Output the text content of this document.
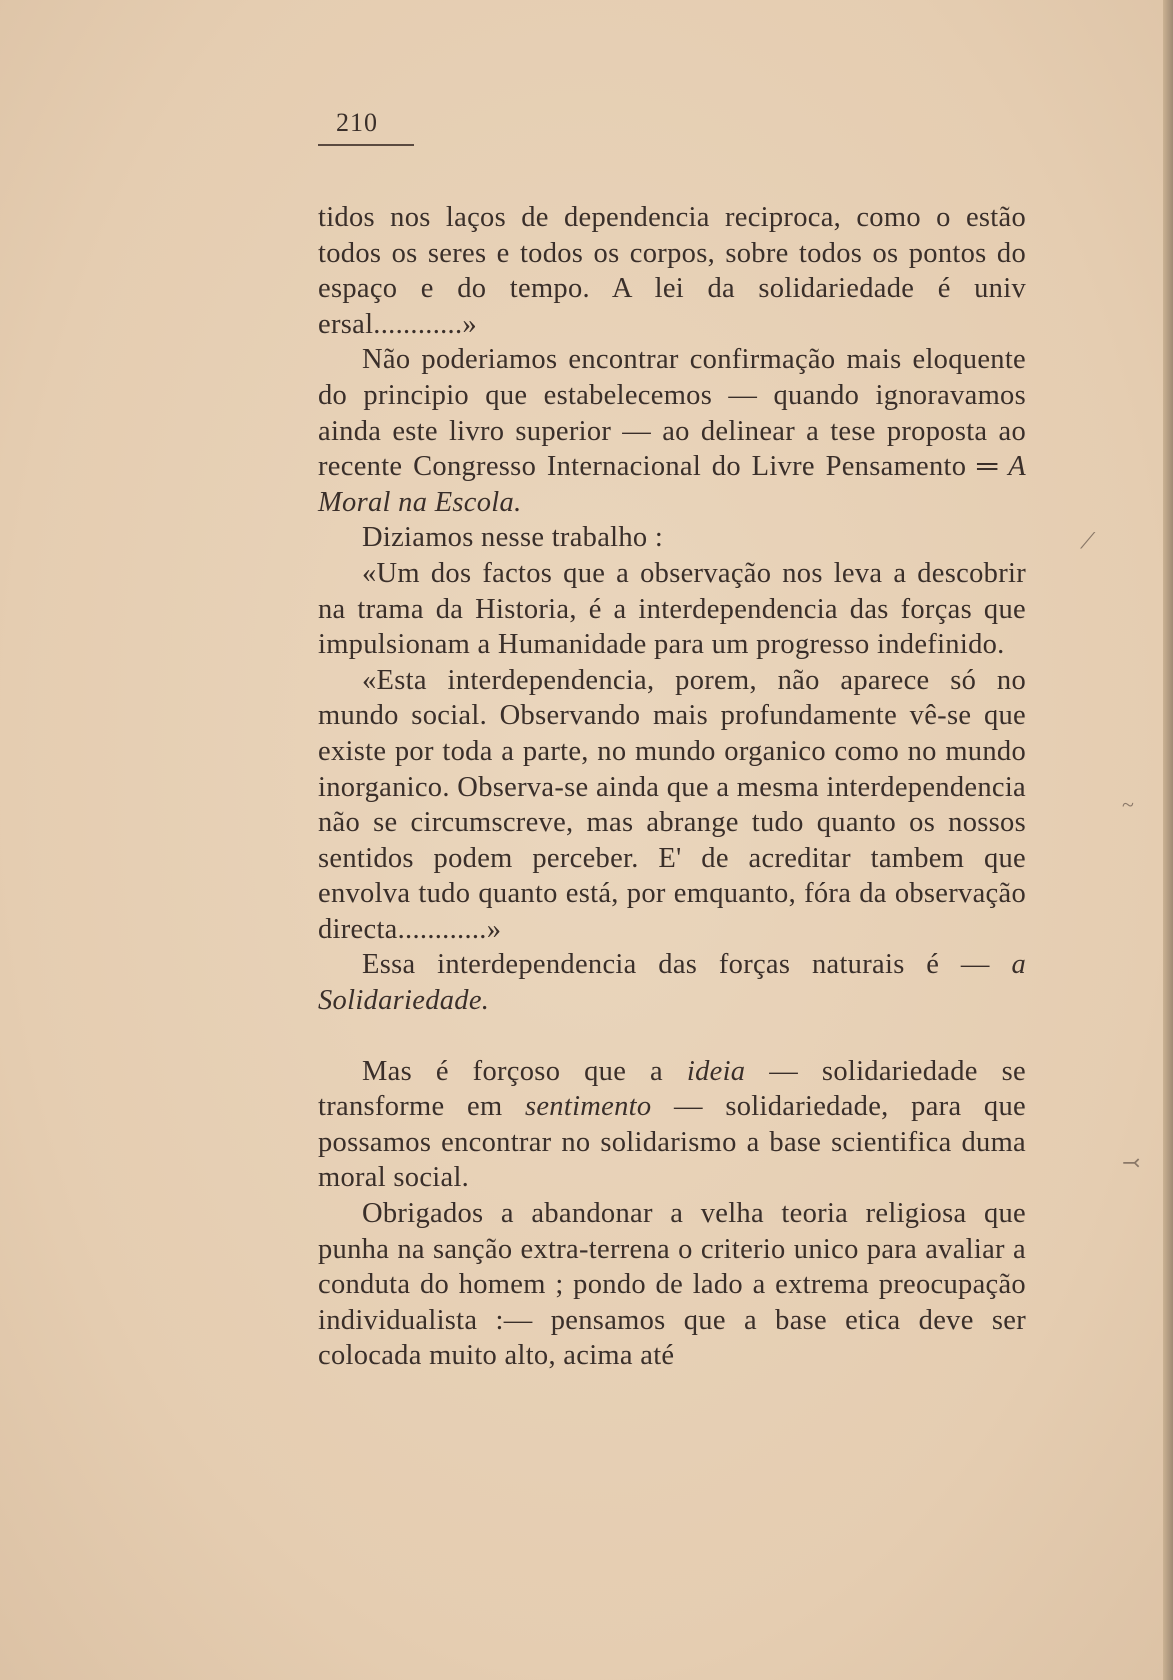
210

tidos nos laços de dependencia reciproca, como o estão todos os seres e todos os corpos, sobre todos os pontos do espaço e do tempo. A lei da solidariedade é univ​ersal............»

Não poderiamos encontrar confirmação mais eloquente do principio que estabelecemos — quando ignoravamos ainda este livro superior — ao delinear a tese proposta ao recente Congresso Internacional do Livre Pensamento ═ A Moral na Escola.

Diziamos nesse trabalho :

«Um dos factos que a observação nos leva a descobrir na trama da Historia, é a interdependencia das forças que impulsionam a Humanidade para um progresso indefinido.

«Esta interdependencia, porem, não aparece só no mundo social. Observando mais profundamente vê-se que existe por toda a parte, no mundo organico como no mundo inorganico. Observa-se ainda que a mesma interdependencia não se circumscreve, mas abrange tudo quanto os nossos sentidos podem perceber. E' de acreditar tambem que envolva tudo quanto está, por emquanto, fóra da observação directa............»

Essa interdependencia das forças naturais é — a Solidariedade.

Mas é forçoso que a ideia — solidariedade se transforme em sentimento — solidariedade, para que possamos encontrar no solidarismo a base scientifica duma moral social.

Obrigados a abandonar a velha teoria religiosa que punha na sanção extra-terrena o criterio unico para avaliar a conduta do homem ; pondo de lado a extrema preocupação individualista :— pensamos que a base etica deve ser colocada muito alto, acima até

⟋
~
⤙
